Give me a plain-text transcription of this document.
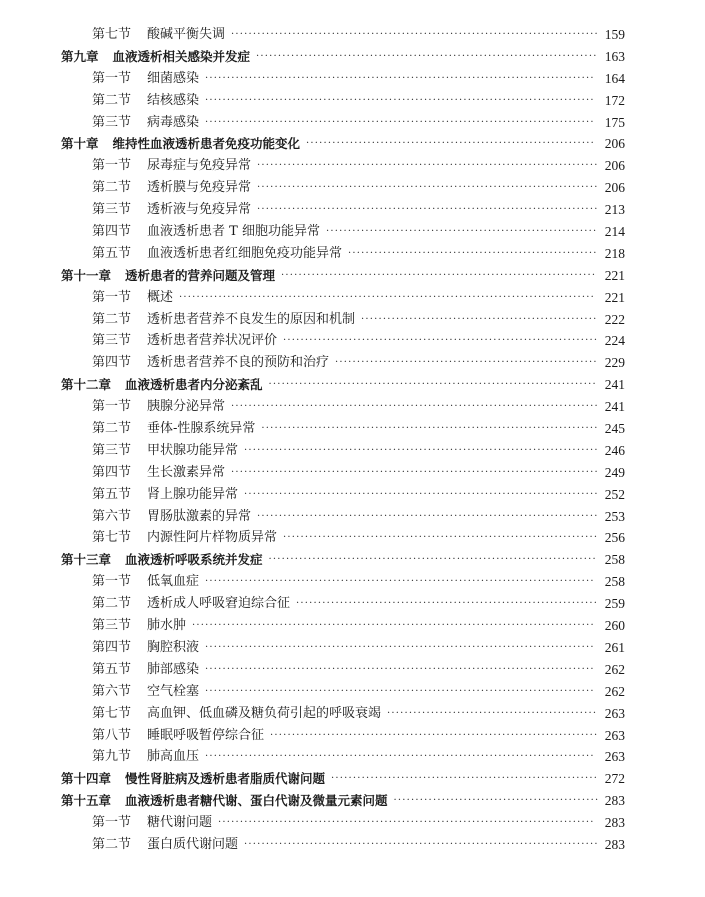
第七节 酸碱平衡失调 ···················································································· 159
第九章 血液透析相关感染并发症 ·············································································· 163
第一节 细菌感染 ························································································· 164
第二节 结核感染 ························································································· 172
第三节 病毒感染 ························································································· 175
第十章 维持性血液透析患者免疫功能变化 ·································································· 206
第一节 尿毒症与免疫异常 ·············································································· 206
第二节 透析膜与免疫异常 ·············································································· 206
第三节 透析液与免疫异常 ·············································································· 213
第四节 血液透析患者 T 细胞功能异常 ······························································ 214
第五节 血液透析患者红细胞免疫功能异常 ························································· 218
第十一章 透析患者的营养问题及管理 ········································································ 221
第一节 概述 ······························································································· 221
第二节 透析患者营养不良发生的原因和机制 ······················································ 222
第三节 透析患者营养状况评价 ········································································ 224
第四节 透析患者营养不良的预防和治疗 ···························································· 229
第十二章 血液透析患者内分泌紊乱 ··········································································· 241
第一节 胰腺分泌异常 ···················································································· 241
第二节 垂体-性腺系统异常 ············································································· 245
第三节 甲状腺功能异常 ················································································· 246
第四节 生长激素异常 ···················································································· 249
第五节 肾上腺功能异常 ················································································· 252
第六节 胃肠肽激素的异常 ·············································································· 253
第七节 内源性阿片样物质异常 ········································································ 256
第十三章 血液透析呼吸系统并发症 ··········································································· 258
第一节 低氧血症 ························································································· 258
第二节 透析成人呼吸窘迫综合征 ····································································· 259
第三节 肺水肿 ···························································································· 260
第四节 胸腔积液 ························································································· 261
第五节 肺部感染 ························································································· 262
第六节 空气栓塞 ························································································· 262
第七节 高血钾、低血磷及糖负荷引起的呼吸衰竭 ················································ 263
第八节 睡眠呼吸暂停综合征 ··········································································· 263
第九节 肺高血压 ························································································· 263
第十四章 慢性肾脏病及透析患者脂质代谢问题 ····························································· 272
第十五章 血液透析患者糖代谢、蛋白代谢及微量元素问题 ··············································· 283
第一节 糖代谢问题 ······················································································ 283
第二节 蛋白质代谢问题 ················································································· 283
